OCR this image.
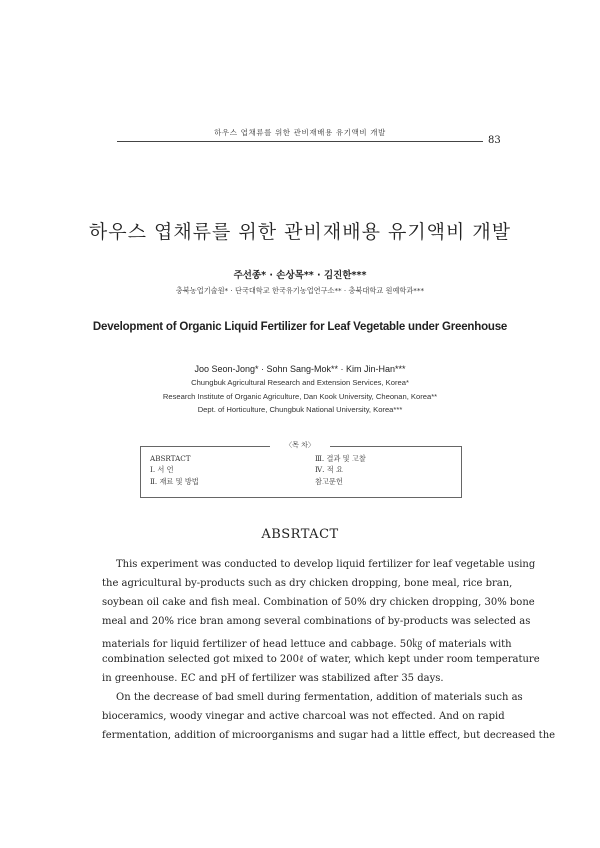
하우스 엽채류를 위한 관비재배용 유기액비 개발
83
하우스 엽채류를 위한 관비재배용 유기액비 개발
주선종* · 손상목** · 김진한***
충북농업기술원* · 단국대학교 한국유기농업연구소** · 충북대학교 원예학과***
Development of Organic Liquid Fertilizer for Leaf Vegetable under Greenhouse
Joo Seon-Jong* · Sohn Sang-Mok** · Kim Jin-Han***
Chungbuk Agricultural Research and Extension Services, Korea*
Research Institute of Organic Agriculture, Dan Kook University, Cheonan, Korea**
Dept. of Horticulture, Chungbuk National University, Korea***
〈목 차〉
ABSRTACT
Ⅰ. 서 언
Ⅱ. 재료 및 방법
Ⅲ. 결과 및 고찰
Ⅳ. 적 요
참고문헌
ABSRTACT
This experiment was conducted to develop liquid fertilizer for leaf vegetable using
the agricultural by-products such as dry chicken dropping, bone meal, rice bran,
soybean oil cake and fish meal. Combination of 50% dry chicken dropping, 30% bone
meal and 20% rice bran among several combinations of by-products was selected as
materials for liquid fertilizer of head lettuce and cabbage. 50㎏ of materials with
combination selected got mixed to 200ℓ of water, which kept under room temperature
in greenhouse. EC and pH of fertilizer was stabilized after 35 days.
On the decrease of bad smell during fermentation, addition of materials such as
bioceramics, woody vinegar and active charcoal was not effected. And on rapid
fermentation, addition of microorganisms and sugar had a little effect, but decreased the
